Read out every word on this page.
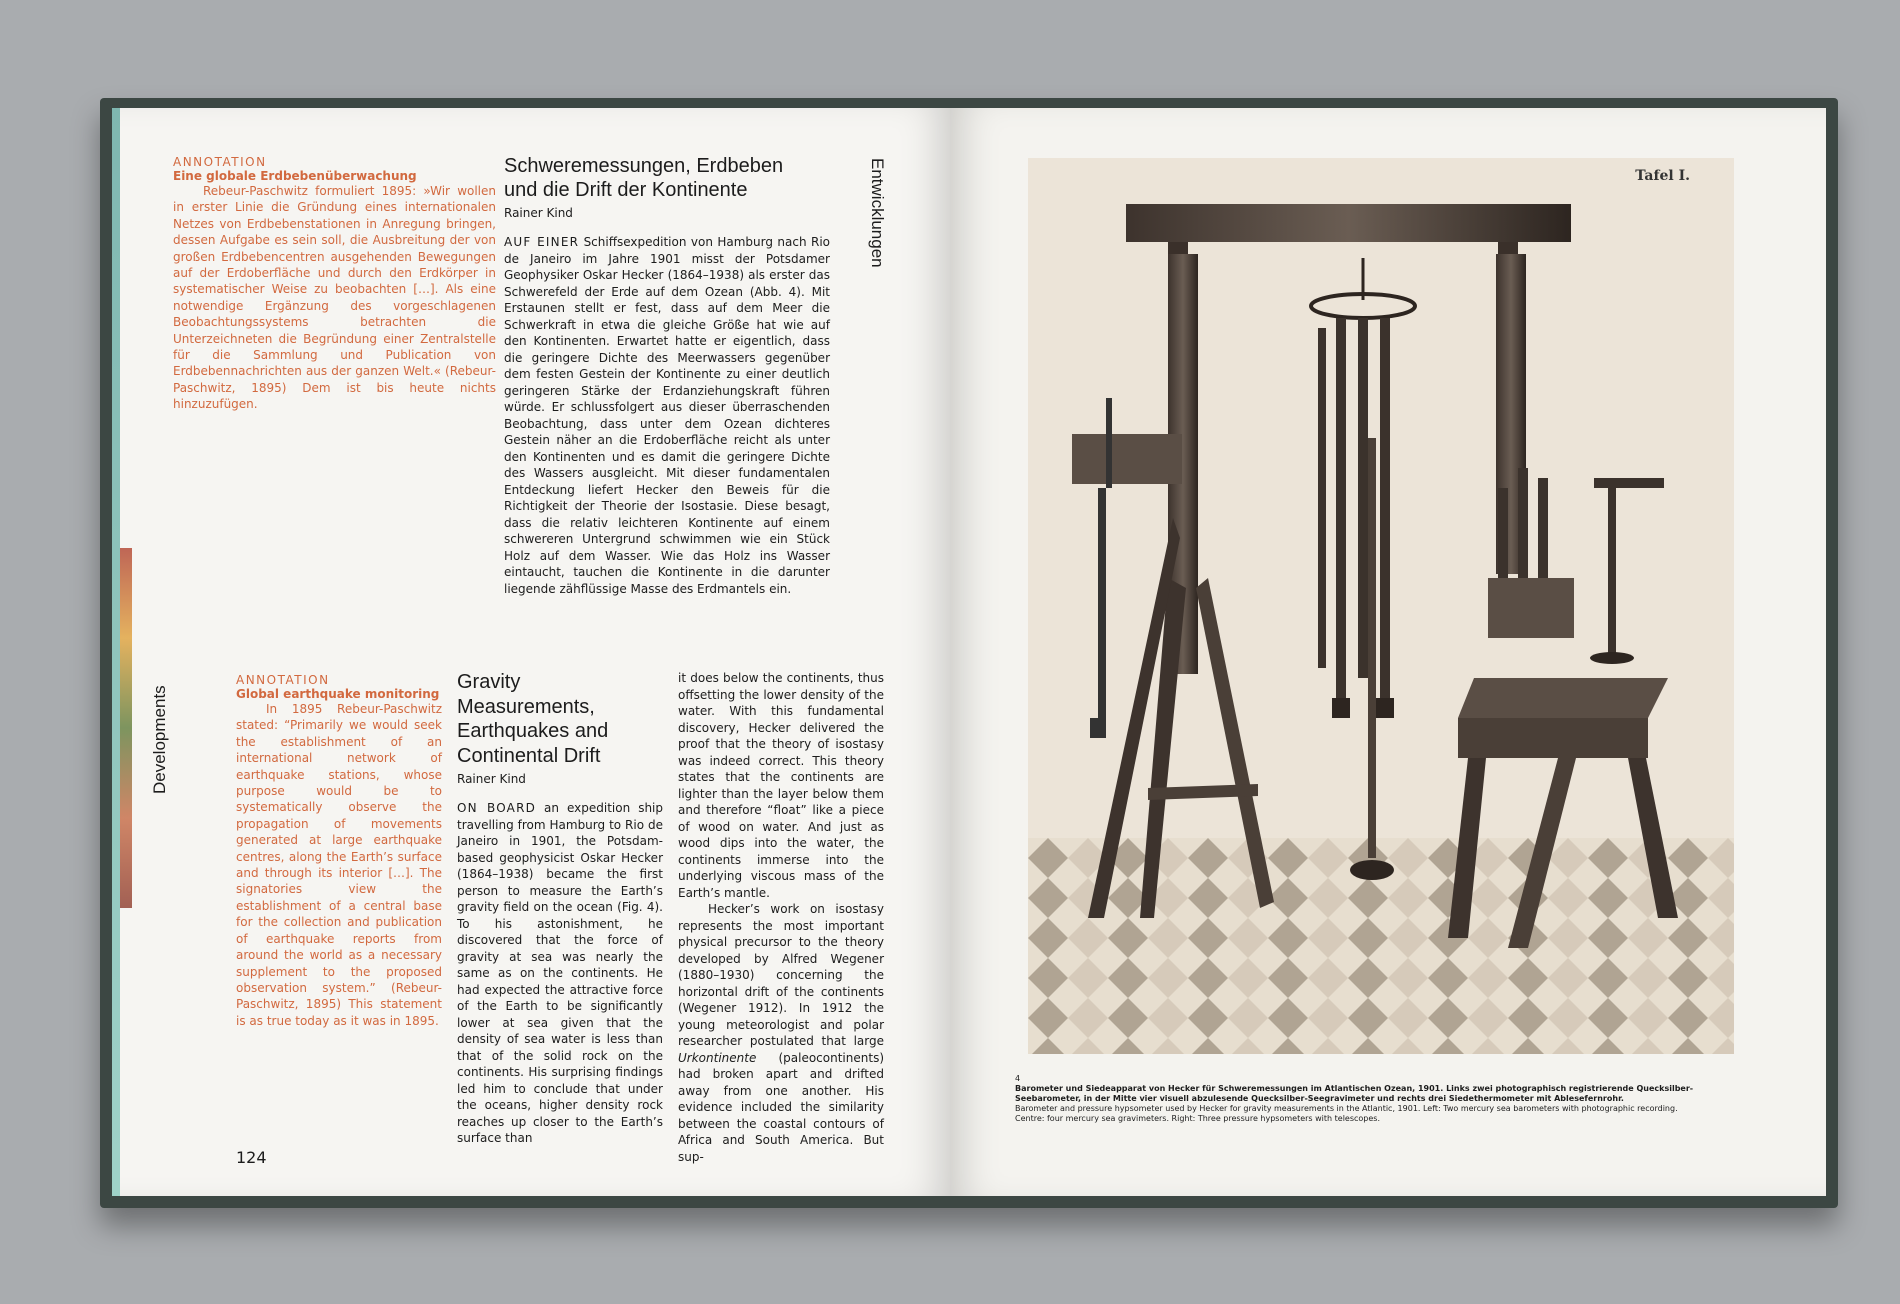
ANNOTATION
Eine globale Erdbebenüberwachung

Rebeur-Paschwitz formuliert 1895: »Wir wollen in erster Linie die Gründung eines internationalen Netzes von Erdbebenstationen in Anregung bringen, dessen Aufgabe es sein soll, die Ausbreitung der von großen Erdbebencentren ausgehenden Bewegungen auf der Erdoberfläche und durch den Erdkörper in systematischer Weise zu beobachten […]. Als eine notwendige Ergänzung des vorgeschlagenen Beobachtungssystems betrachten die Unterzeichneten die Begründung einer Zentralstelle für die Sammlung und Publication von Erdbebennachrichten aus der ganzen Welt.« (Rebeur-Paschwitz, 1895) Dem ist bis heute nichts hinzuzufügen.

Schweremessungen, Erdbeben
und die Drift der Kontinente
Rainer Kind

AUF EINER Schiffsexpedition von Hamburg nach Rio de Janeiro im Jahre 1901 misst der Potsdamer Geophysiker Oskar Hecker (1864–1938) als erster das Schwerefeld der Erde auf dem Ozean (Abb. 4). Mit Erstaunen stellt er fest, dass auf dem Meer die Schwerkraft in etwa die gleiche Größe hat wie auf den Kontinenten. Erwartet hatte er eigentlich, dass die geringere Dichte des Meerwassers gegenüber dem festen Gestein der Kontinente zu einer deutlich geringeren Stärke der Erdanziehungskraft führen würde. Er schlussfolgert aus dieser überraschenden Beobachtung, dass unter dem Ozean dichteres Gestein näher an die Erdoberfläche reicht als unter den Kontinenten und es damit die geringere Dichte des Wassers ausgleicht. Mit dieser fundamentalen Entdeckung liefert Hecker den Beweis für die Richtigkeit der Theorie der Isostasie. Diese besagt, dass die relativ leichteren Kontinente auf einem schwereren Untergrund schwimmen wie ein Stück Holz auf dem Wasser. Wie das Holz ins Wasser eintaucht, tauchen die Kontinente in die darunter liegende zähflüssige Masse des Erdmantels ein.

Entwicklungen
Developments
ANNOTATION
Global earthquake monitoring

In 1895 Rebeur-Paschwitz stated: “Primarily we would seek the establishment of an international network of earthquake stations, whose purpose would be to systematically observe the propagation of movements generated at large earthquake centres, along the Earth’s surface and through its interior […]. The signatories view the establishment of a central base for the collection and publication of earthquake reports from around the world as a necessary supplement to the proposed observation system.” (Rebeur-Paschwitz, 1895) This statement is as true today as it was in 1895.

Gravity
Measurements,
Earthquakes and
Continental Drift
Rainer Kind

ON BOARD an expedition ship travelling from Hamburg to Rio de Janeiro in 1901, the Potsdam-based geophysicist Oskar Hecker (1864–1938) became the first person to measure the Earth’s gravity field on the ocean (Fig. 4). To his astonishment, he discovered that the force of gravity at sea was nearly the same as on the continents. He had expected the attractive force of the Earth to be significantly lower at sea given that the density of sea water is less than that of the solid rock on the continents. His surprising findings led him to conclude that under the oceans, higher density rock reaches up closer to the Earth’s surface than

it does below the continents, thus offsetting the lower density of the water. With this fundamental discovery, Hecker delivered the proof that the theory of isostasy was indeed correct. This theory states that the continents are lighter than the layer below them and therefore “float” like a piece of wood on water. And just as wood dips into the water, the continents immerse into the underlying viscous mass of the Earth’s mantle.

Hecker’s work on isostasy represents the most important physical precursor to the theory developed by Alfred Wegener (1880–1930) concerning the horizontal drift of the continents (Wegener 1912). In 1912 the young meteorologist and polar researcher postulated that large Urkontinente (paleocontinents) had broken apart and drifted away from one another. His evidence included the similarity between the coastal contours of Africa and South America. But sup-

124
Tafel I.
4
Barometer und Siedeapparat von Hecker für Schweremessungen im Atlantischen Ozean, 1901. Links zwei photographisch registrierende Quecksilber-Seebarometer, in der Mitte vier visuell abzulesende Quecksilber-Seegravimeter und rechts drei Siedethermometer mit Ablesefernrohr.
Barometer and pressure hypsometer used by Hecker for gravity measurements in the Atlantic, 1901. Left: Two mercury sea barometers with photographic recording. Centre: four mercury sea gravimeters. Right: Three pressure hypsometers with telescopes.
